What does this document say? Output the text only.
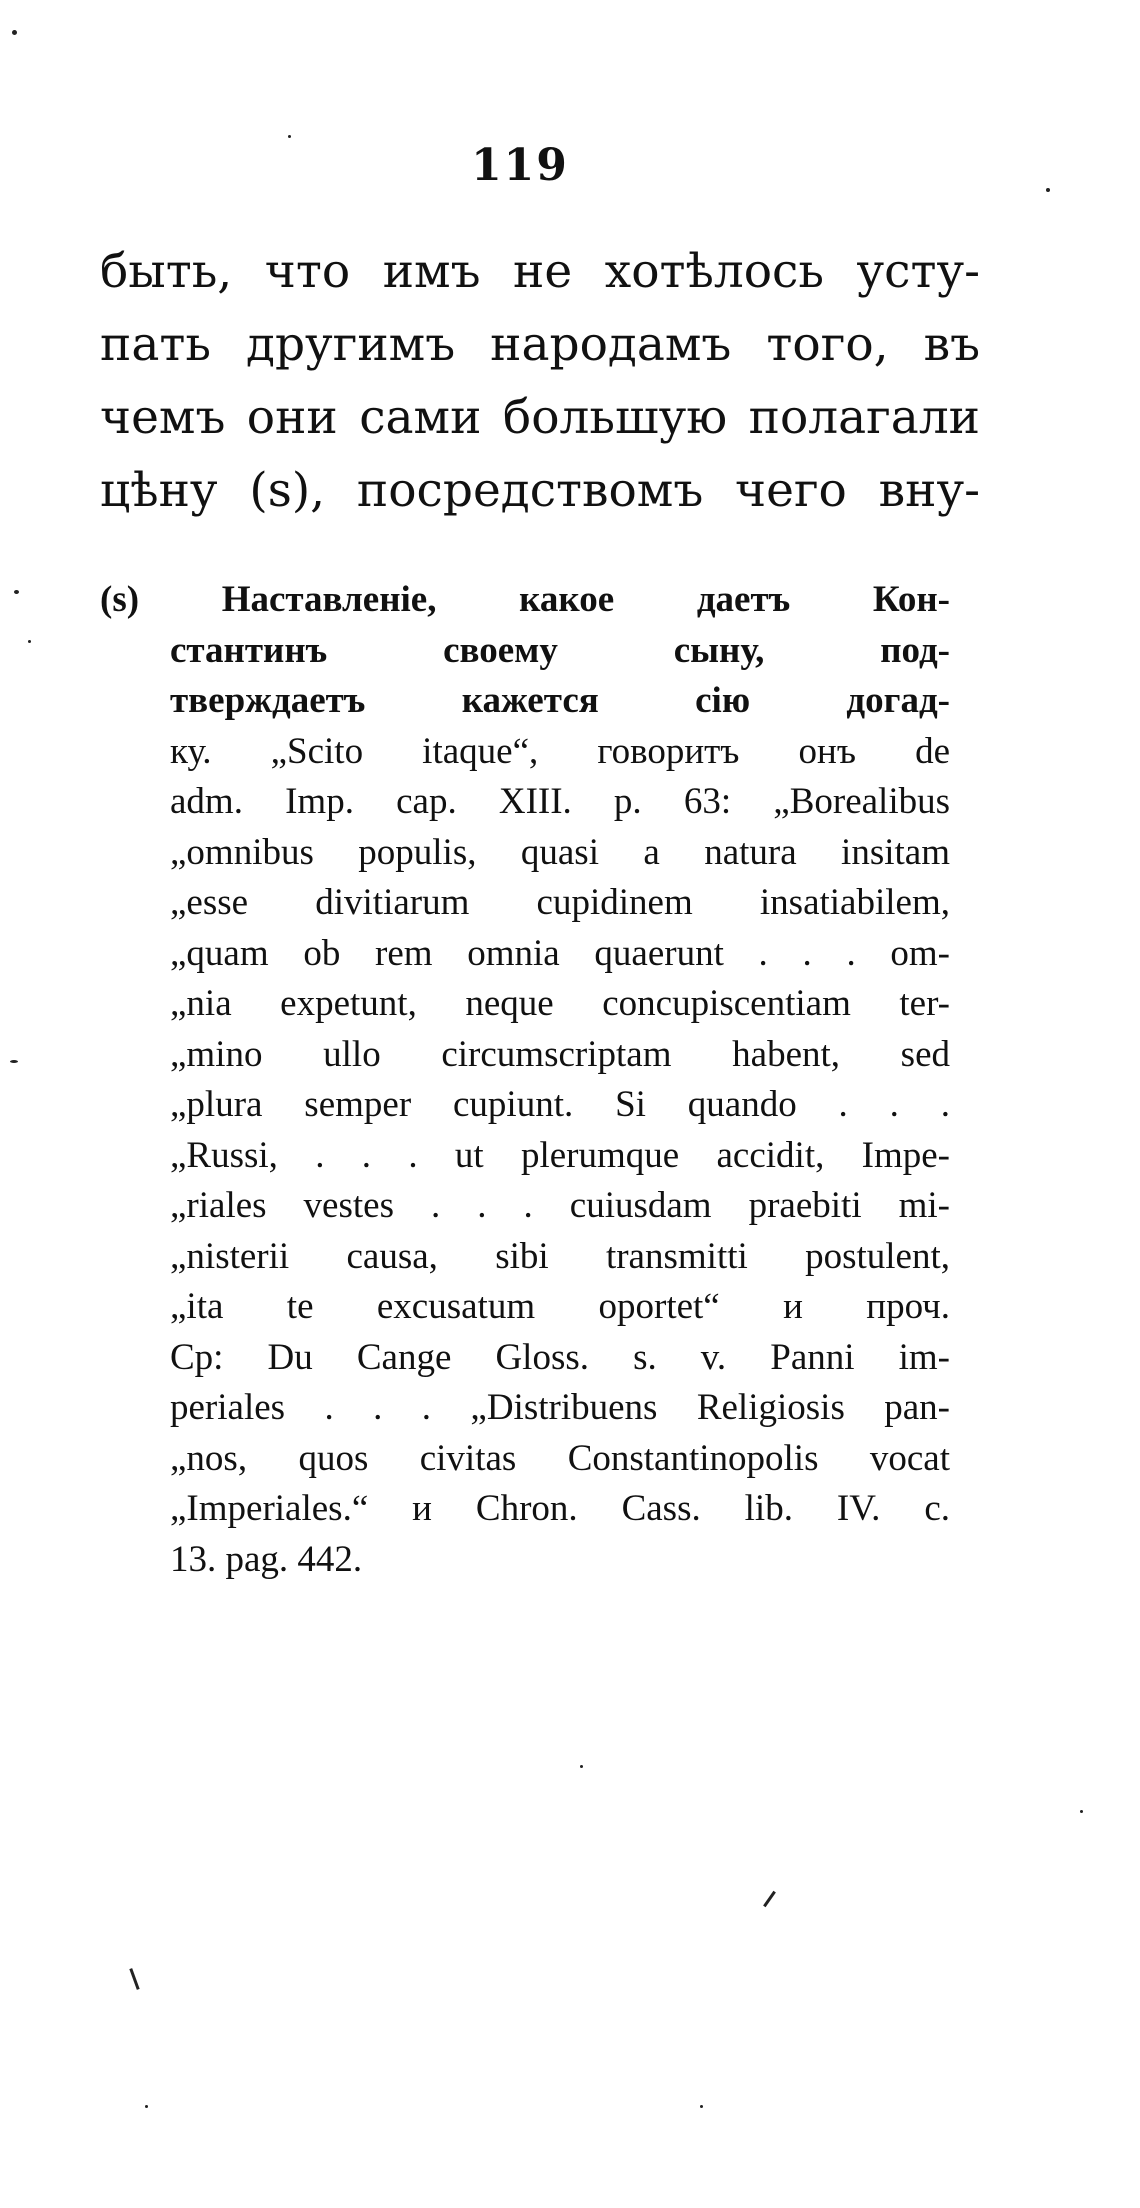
119
быть, что имъ не хотѣлось усту-
пать другимъ народамъ того, въ
чемъ они сами большую полагали
цѣну (s), посредствомъ чего вну-
(s) Наставленіе, какое даетъ Кон-
стантинъ своему сыну, под-
тверждаетъ кажется сію догад-
ку. „Scito itaque“, говоритъ онъ de
adm. Imp. cap. XIII. p. 63: „Borealibus
„omnibus populis, quasi a natura insitam
„esse divitiarum cupidinem insatiabilem,
„quam ob rem omnia quaerunt . . . om-
„nia expetunt, neque concupiscentiam ter-
„mino ullo circumscriptam habent, sed
„plura semper cupiunt. Si quando . . .
„Russi, . . . ut plerumque accidit, Impe-
„riales vestes . . . cuiusdam praebiti mi-
„nisterii causa, sibi transmitti postulent,
„ita te excusatum oportet“ и проч.
Cp: Du Cange Gloss. s. v. Panni im-
periales . . . „Distribuens Religiosis pan-
„nos, quos civitas Constantinopolis vocat
„Imperiales.“ и Chron. Cass. lib. IV. c.
13. pag. 442.
